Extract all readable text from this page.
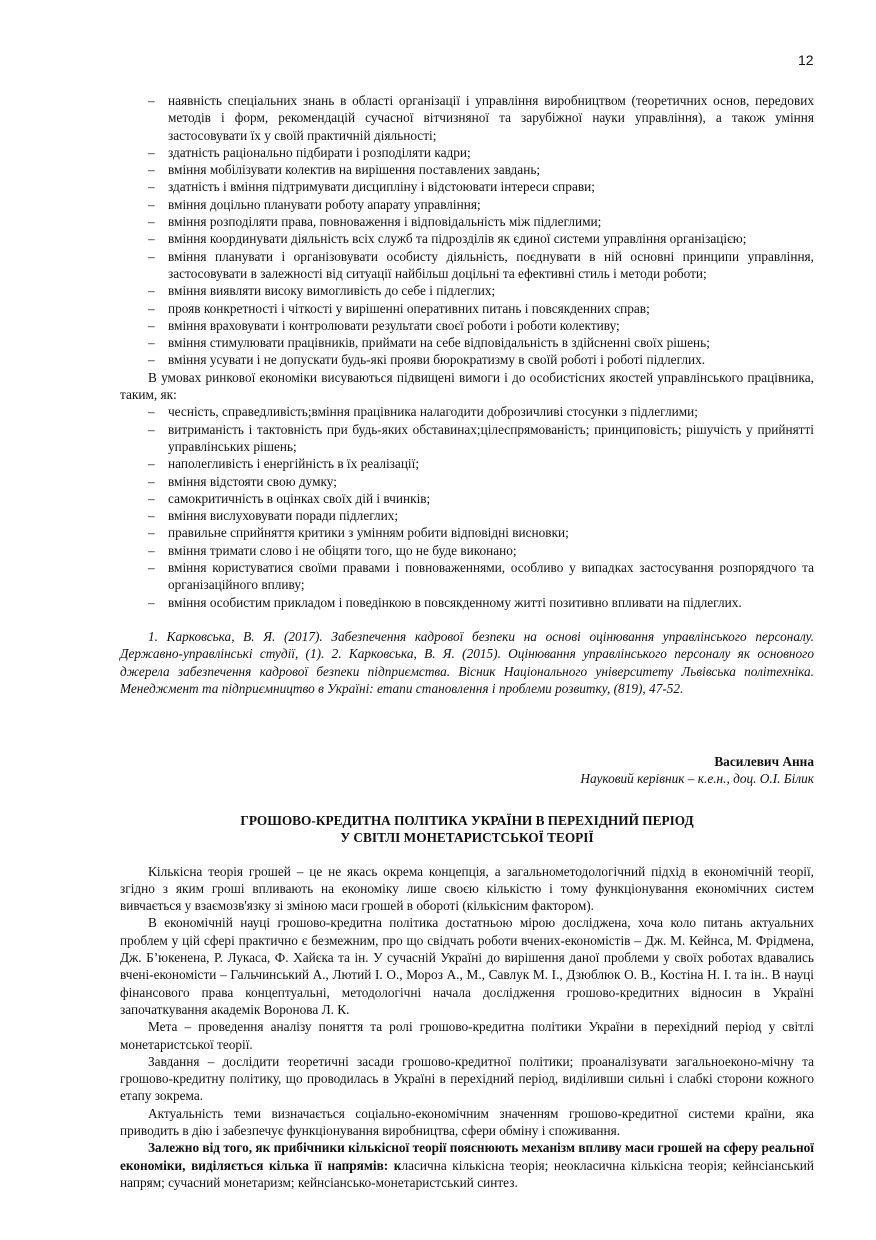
12
– наявність спеціальних знань в області організації і управління виробництвом (теоретичних основ, передових методів і форм, рекомендацій сучасної вітчизняної та зарубіжної науки управління), а також уміння застосовувати їх у своїй практичній діяльності;
– здатність раціонально підбирати і розподіляти кадри;
– вміння мобілізувати колектив на вирішення поставлених завдань;
– здатність і вміння підтримувати дисципліну і відстоювати інтереси справи;
– вміння доцільно планувати роботу апарату управління;
– вміння розподіляти права, повноваження і відповідальність між підлеглими;
– вміння координувати діяльність всіх служб та підрозділів як єдиної системи управління організацією;
– вміння планувати і організовувати особисту діяльність, поєднувати в ній основні принципи управління, застосовувати в залежності від ситуації найбільш доцільні та ефективні стиль і методи роботи;
– вміння виявляти високу вимогливість до себе і підлеглих;
– прояв конкретності і чіткості у вирішенні оперативних питань і повсякденних справ;
– вміння враховувати і контролювати результати своєї роботи і роботи колективу;
– вміння стимулювати працівників, приймати на себе відповідальність в здійсненні своїх рішень;
– вміння усувати і не допускати будь-які прояви бюрократизму в своїй роботі і роботі підлеглих.

В умовах ринкової економіки висуваються підвищені вимоги і до особистісних якостей управлінського працівника, таким, як:

– чесність, справедливість;вміння працівника налагодити доброзичливі стосунки з підлеглими;
– витриманість і тактовність при будь-яких обставинах;цілеспрямованість; принциповість; рішучість у прийнятті управлінських рішень;
– наполегливість і енергійність в їх реалізації;
– вміння відстояти свою думку;
– самокритичність в оцінках своїх дій і вчинків;
– вміння вислуховувати поради підлеглих;
– правильне сприйняття критики з умінням робити відповідні висновки;
– вміння тримати слово і не обіцяти того, що не буде виконано;
– вміння користуватися своїми правами і повноваженнями, особливо у випадках застосування розпорядчого та організаційного впливу;
– вміння особистим прикладом і поведінкою в повсякденному житті позитивно впливати на підлеглих.

1. Карковська, В. Я. (2017). Забезпечення кадрової безпеки на основі оцінювання управлінського персоналу. Державно-управлінські студії, (1). 2. Карковська, В. Я. (2015). Оцінювання управлінського персоналу як основного джерела забезпечення кадрової безпеки підприємства. Вісник Національного університету Львівська політехніка. Менеджмент та підприємництво в Україні: етапи становлення і проблеми розвитку, (819), 47-52.

Василевич Анна

Науковий керівник – к.е.н., доц. О.І. Білик

ГРОШОВО-КРЕДИТНА ПОЛІТИКА УКРАЇНИ В ПЕРЕХІДНИЙ ПЕРІОД

У СВІТЛІ МОНЕТАРИСТСЬКОЇ ТЕОРІЇ

Кількісна теорія грошей – це не якась окрема концепція, а загальнометодологічний підхід в економічній теорії, згідно з яким гроші впливають на економіку лише своєю кількістю і тому функціонування економічних систем вивчається у взаємозв'язку зі зміною маси грошей в обороті (кількісним фактором).

В економічній науці грошово-кредитна політика достатньою мірою досліджена, хоча коло питань актуальних проблем у цій сфері практично є безмежним, про що свідчать роботи вчених-економістів – Дж. М. Кейнса, М. Фрідмена, Дж. Б’юкенена, Р. Лукаса, Ф. Хайєка та ін. У сучасній Україні до вирішення даної проблеми у своїх роботах вдавались вчені-економісти – Гальчинський А., Лютий І. О., Мороз А., М., Савлук М. І., Дзюблюк О. В., Костіна Н. І. та ін.. В науці фінансового права концептуальні, методологічні начала дослідження грошово-кредитних відносин в Україні започаткування академік Воронова Л. К.

Мета – проведення аналізу поняття та ролі грошово-кредитна політики України в перехідний період у світлі монетаристської теорії.

Завдання – дослідити теоретичні засади грошово-кредитної політики; проаналізувати загальноеконо-мічну та грошово-кредитну політику, що проводилась в Україні в перехідний період, виділивши сильні і слабкі сторони кожного етапу зокрема.

Актуальність теми визначається соціально-економічним значенням грошово-кредитної системи країни, яка приводить в дію і забезпечує функціонування виробництва, сфери обміну і споживання.

Залежно від того, як прибічники кількісної теорії пояснюють механізм впливу маси грошей на сферу реальної економіки, виділяється кілька її напрямів: класична кількісна теорія; неокласична кількісна теорія; кейнсіанський напрям; сучасний монетаризм; кейнсіансько-монетаристський синтез.
